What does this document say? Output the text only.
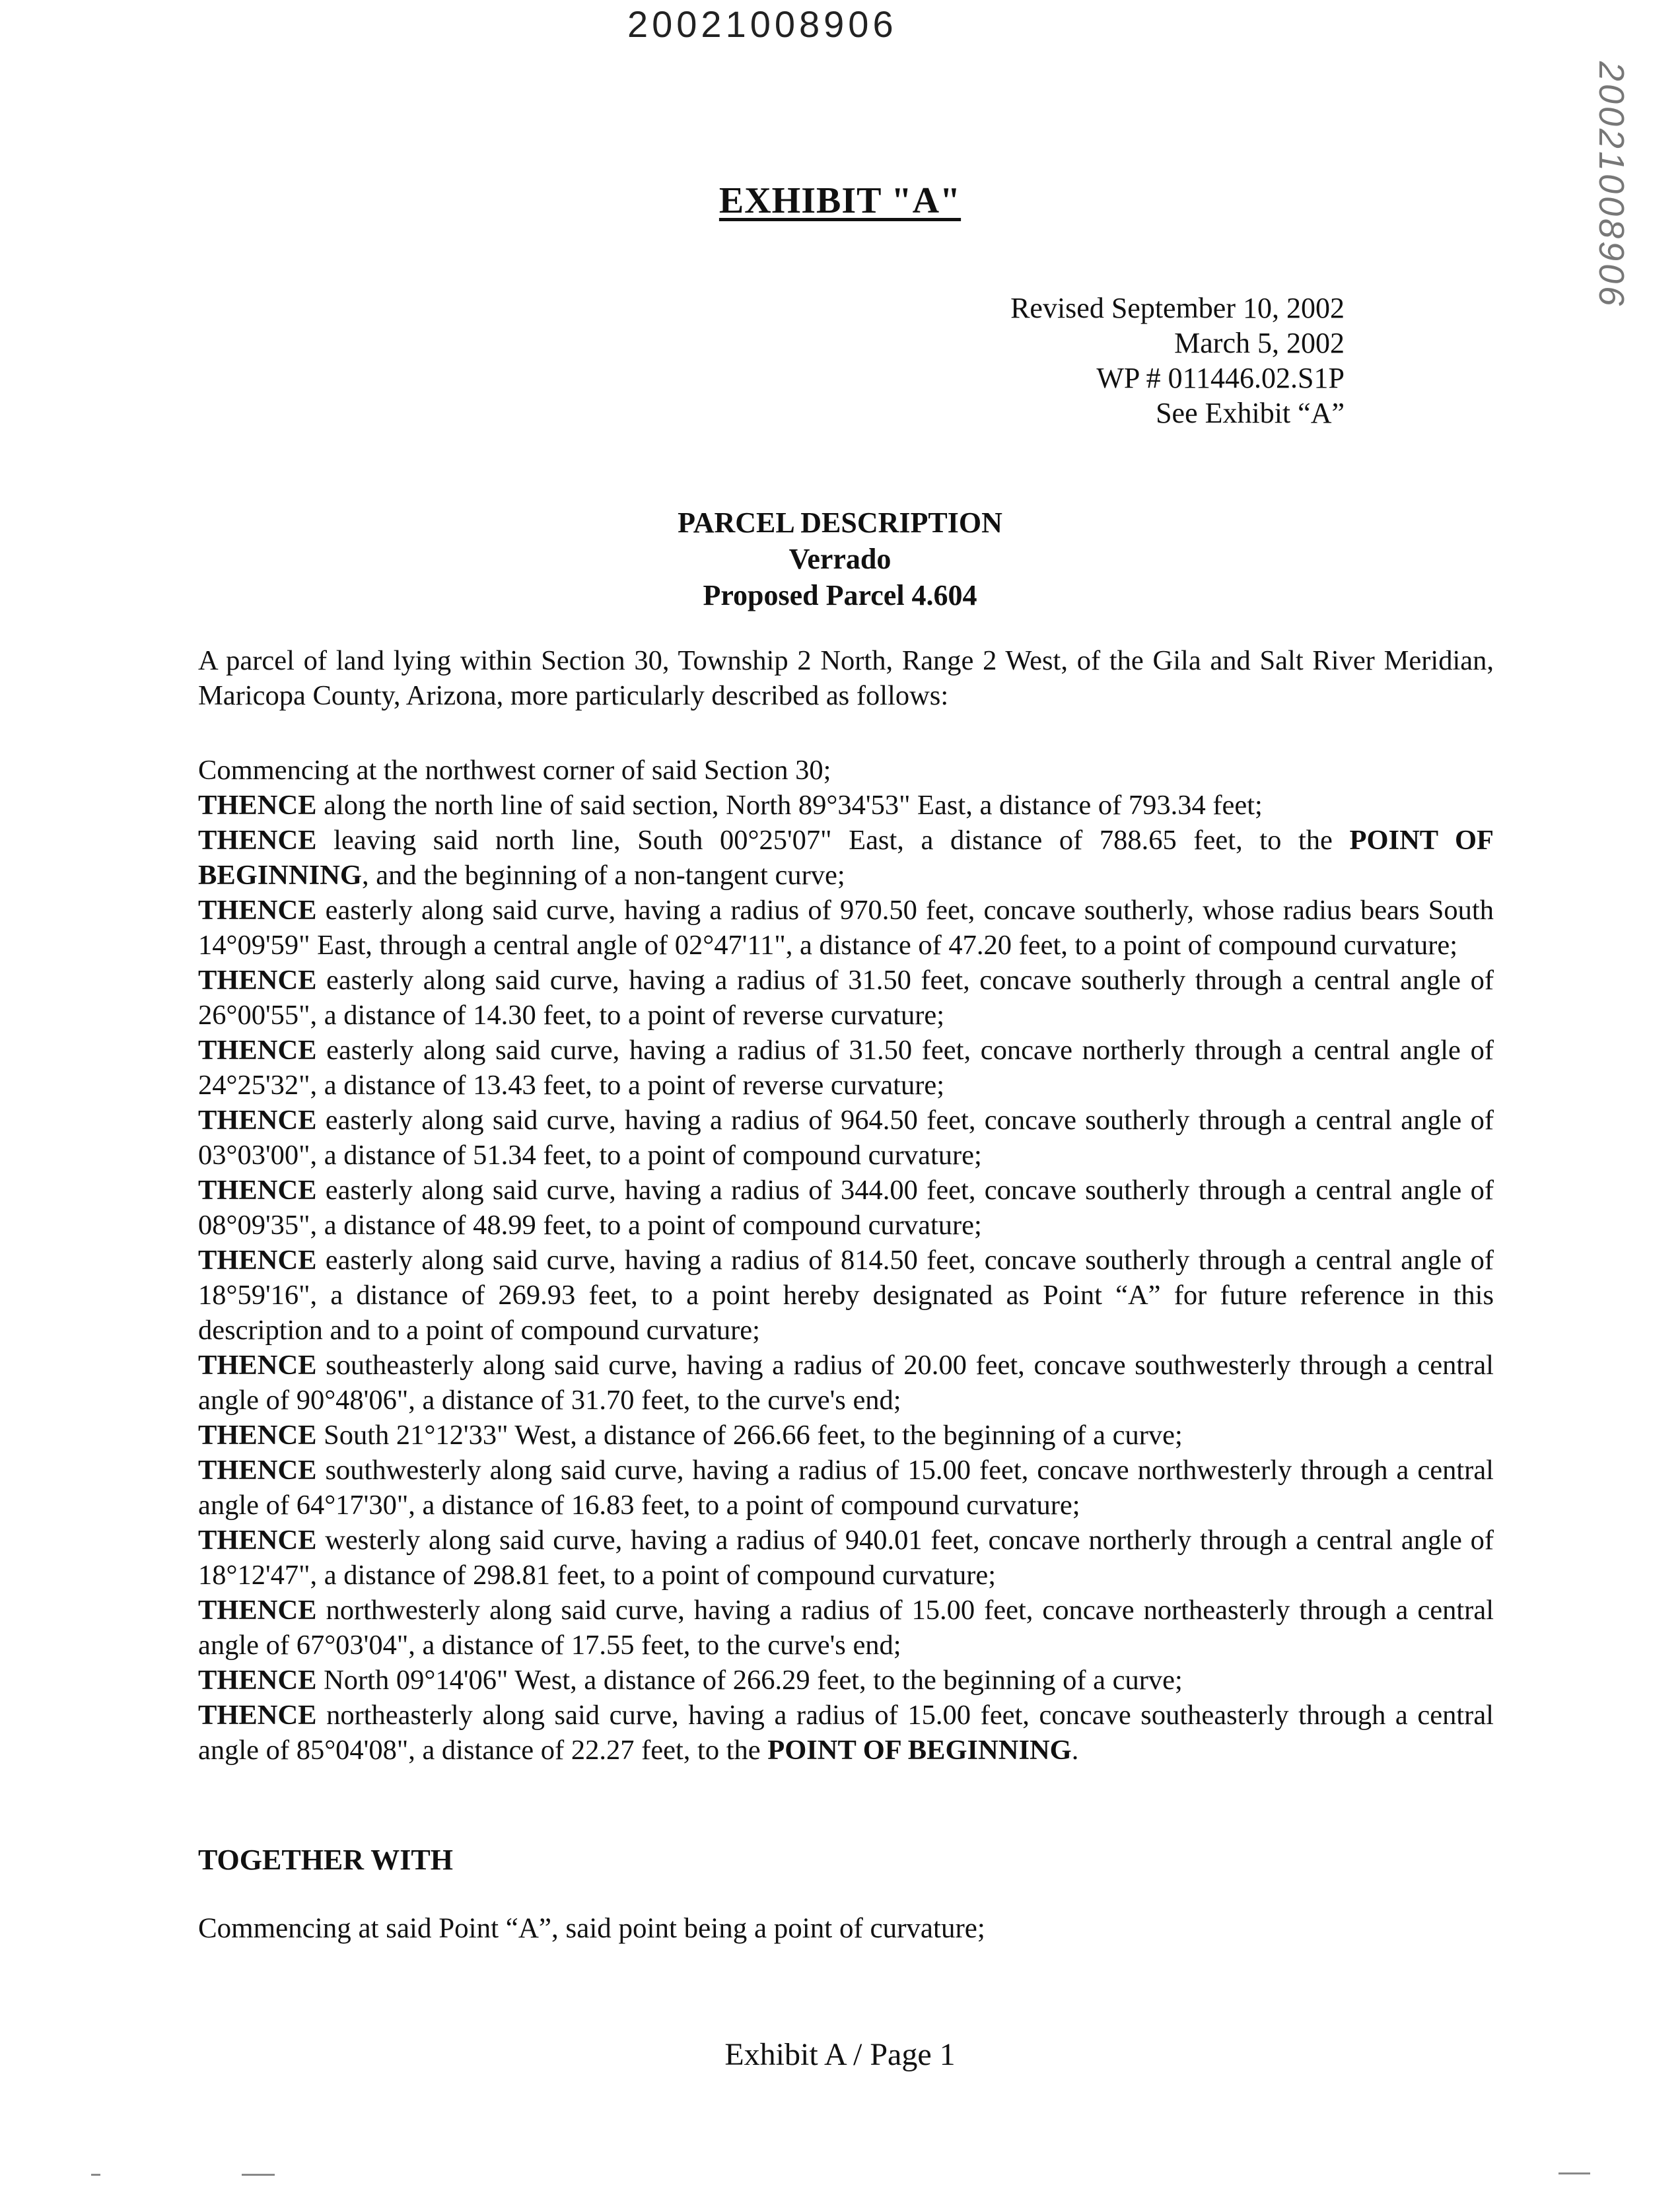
20021008906
20021008906
EXHIBIT "A"
Revised September 10, 2002
March 5, 2002
WP # 011446.02.S1P
See Exhibit “A”
PARCEL DESCRIPTION
Verrado
Proposed Parcel 4.604

A parcel of land lying within Section 30, Township 2 North, Range 2 West, of the Gila and Salt River Meridian, Maricopa County, Arizona, more particularly described as follows:

Commencing at the northwest corner of said Section 30;

THENCE along the north line of said section, North 89°34'53" East, a distance of 793.34 feet;

THENCE leaving said north line, South 00°25'07" East, a distance of 788.65 feet, to the POINT OF BEGINNING, and the beginning of a non-tangent curve;

THENCE easterly along said curve, having a radius of 970.50 feet, concave southerly, whose radius bears South 14°09'59" East, through a central angle of 02°47'11", a distance of 47.20 feet, to a point of compound curvature;

THENCE easterly along said curve, having a radius of 31.50 feet, concave southerly through a central angle of 26°00'55", a distance of 14.30 feet, to a point of reverse curvature;

THENCE easterly along said curve, having a radius of 31.50 feet, concave northerly through a central angle of 24°25'32", a distance of 13.43 feet, to a point of reverse curvature;

THENCE easterly along said curve, having a radius of 964.50 feet, concave southerly through a central angle of 03°03'00", a distance of 51.34 feet, to a point of compound curvature;

THENCE easterly along said curve, having a radius of 344.00 feet, concave southerly through a central angle of 08°09'35", a distance of 48.99 feet, to a point of compound curvature;

THENCE easterly along said curve, having a radius of 814.50 feet, concave southerly through a central angle of 18°59'16", a distance of 269.93 feet, to a point hereby designated as Point “A” for future reference in this description and to a point of compound curvature;

THENCE southeasterly along said curve, having a radius of 20.00 feet, concave southwesterly through a central angle of 90°48'06", a distance of 31.70 feet, to the curve's end;

THENCE South 21°12'33" West, a distance of 266.66 feet, to the beginning of a curve;

THENCE southwesterly along said curve, having a radius of 15.00 feet, concave northwesterly through a central angle of 64°17'30", a distance of 16.83 feet, to a point of compound curvature;

THENCE westerly along said curve, having a radius of 940.01 feet, concave northerly through a central angle of 18°12'47", a distance of 298.81 feet, to a point of compound curvature;

THENCE northwesterly along said curve, having a radius of 15.00 feet, concave northeasterly through a central angle of 67°03'04", a distance of 17.55 feet, to the curve's end;

THENCE North 09°14'06" West, a distance of 266.29 feet, to the beginning of a curve;

THENCE northeasterly along said curve, having a radius of 15.00 feet, concave southeasterly through a central angle of 85°04'08", a distance of 22.27 feet, to the POINT OF BEGINNING.

TOGETHER WITH
Commencing at said Point “A”, said point being a point of curvature;
Exhibit A / Page 1
